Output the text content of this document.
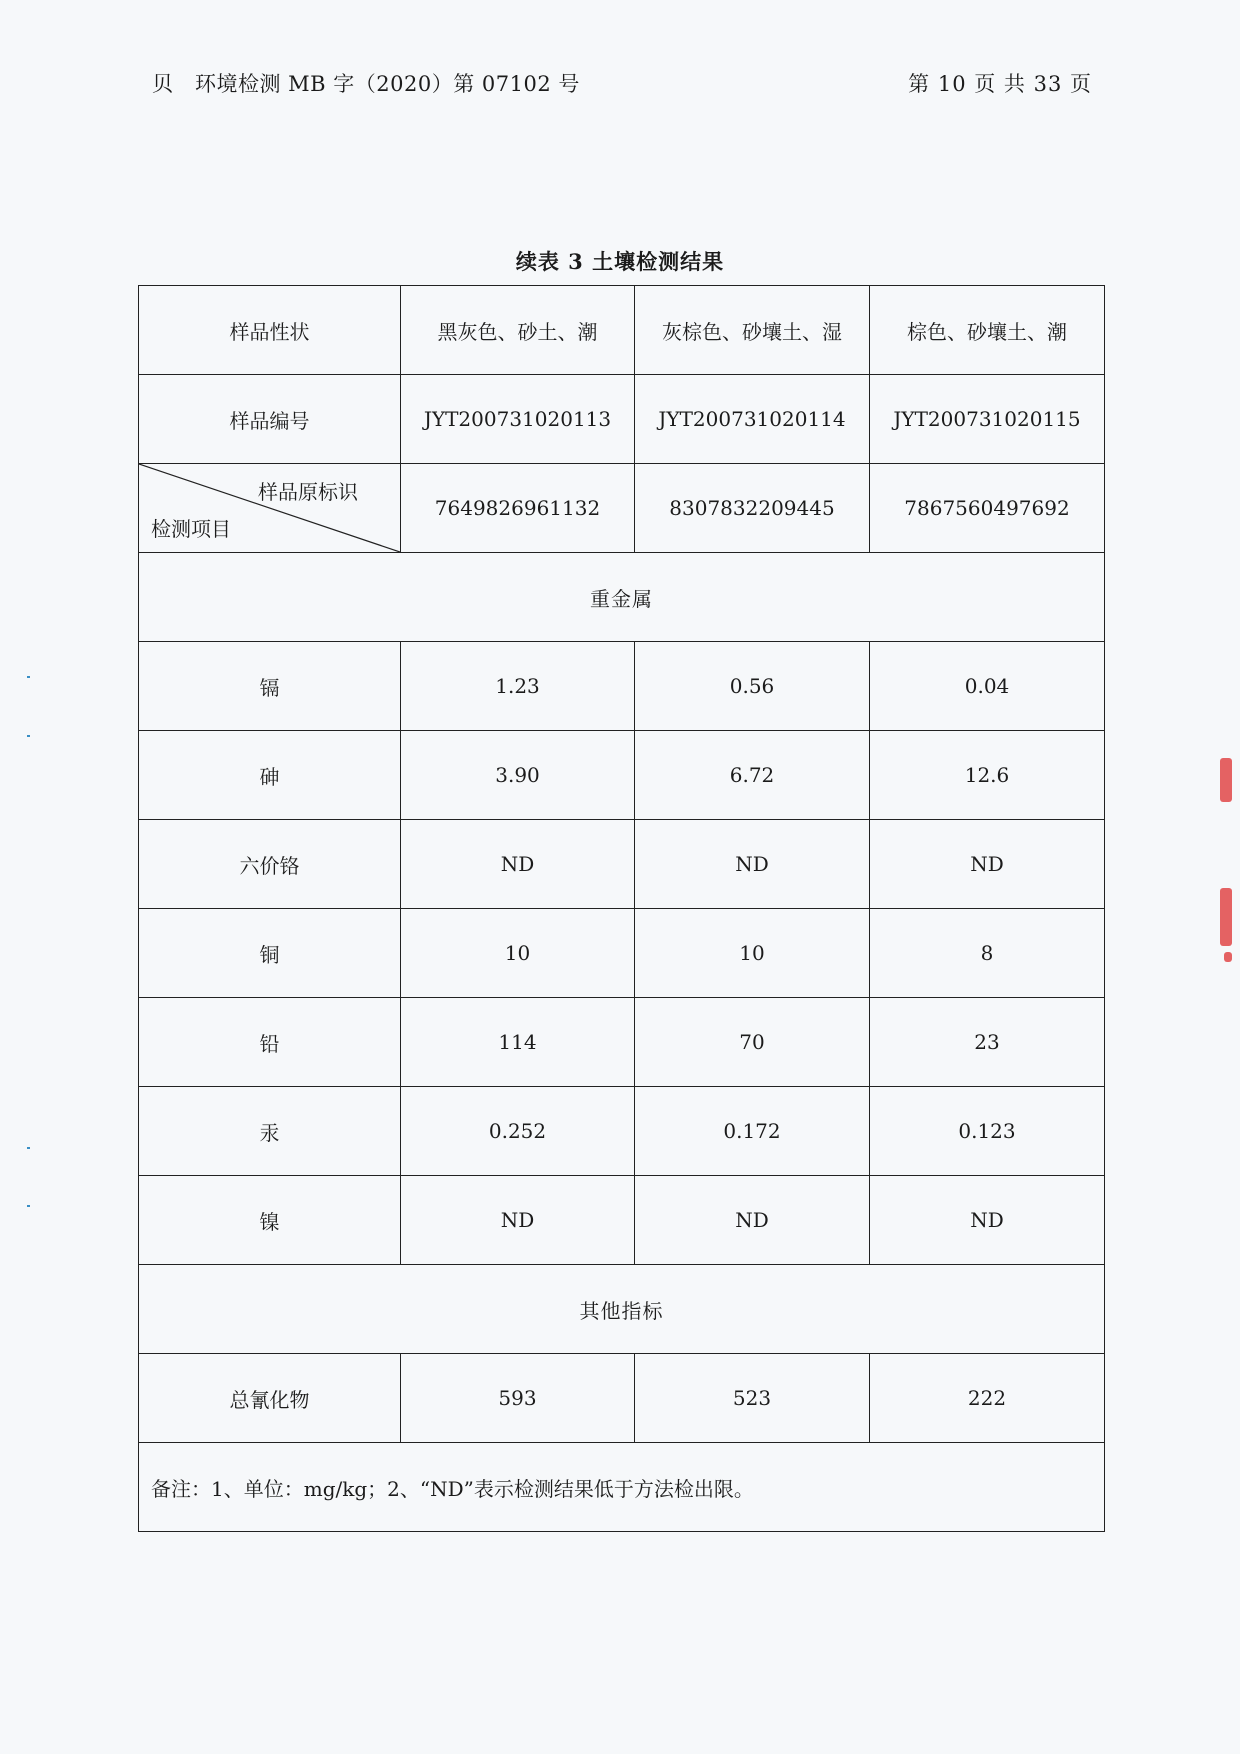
贝　环境检测 MB 字（2020）第 07102 号	第 10 页 共 33 页
续表 3 土壤检测结果
样品性状	黑灰色、砂土、潮	灰棕色、砂壤土、湿	棕色、砂壤土、潮
样品编号	JYT200731020113	JYT200731020114	JYT200731020115

样品原标识
检测项目	7649826961132	8307832209445	7867560497692
重金属			
镉	1.23	0.56	0.04
砷	3.90	6.72	12.6
六价铬	ND	ND	ND
铜	10	10	8
铅	114	70	23
汞	0.252	0.172	0.123
镍	ND	ND	ND
其他指标			
总氰化物	593	523	222
备注：1、单位：mg/kg；2、“ND”表示检测结果低于方法检出限。			
